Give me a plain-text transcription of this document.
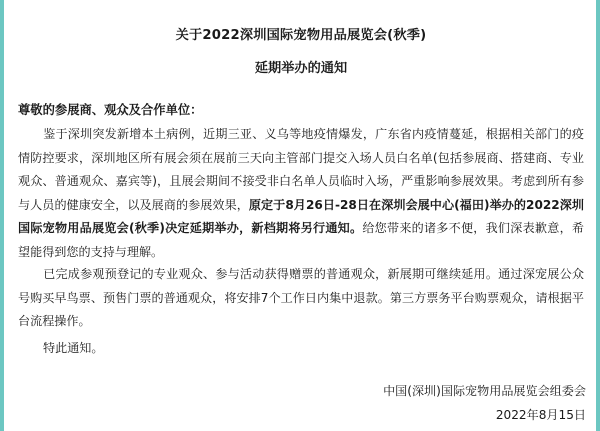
关于2022深圳国际宠物用品展览会(秋季)
延期举办的通知
尊敬的参展商、观众及合作单位：
鉴于深圳突发新增本土病例，近期三亚、义乌等地疫情爆发，广东省内疫情蔓延，根据相关部门的疫情防控要求，深圳地区所有展会须在展前三天向主管部门提交入场人员白名单(包括参展商、搭建商、专业观众、普通观众、嘉宾等)，且展会期间不接受非白名单人员临时入场，严重影响参展效果。考虑到所有参与人员的健康安全，以及展商的参展效果，原定于8月26日-28日在深圳会展中心(福田)举办的2022深圳国际宠物用品展览会(秋季)决定延期举办，新档期将另行通知。给您带来的诸多不便，我们深表歉意，希望能得到您的支持与理解。
已完成参观预登记的专业观众、参与活动获得赠票的普通观众，新展期可继续延用。通过深宠展公众号购买早鸟票、预售门票的普通观众，将安排7个工作日内集中退款。第三方票务平台购票观众，请根据平台流程操作。
特此通知。
中国(深圳)国际宠物用品展览会组委会
2022年8月15日
